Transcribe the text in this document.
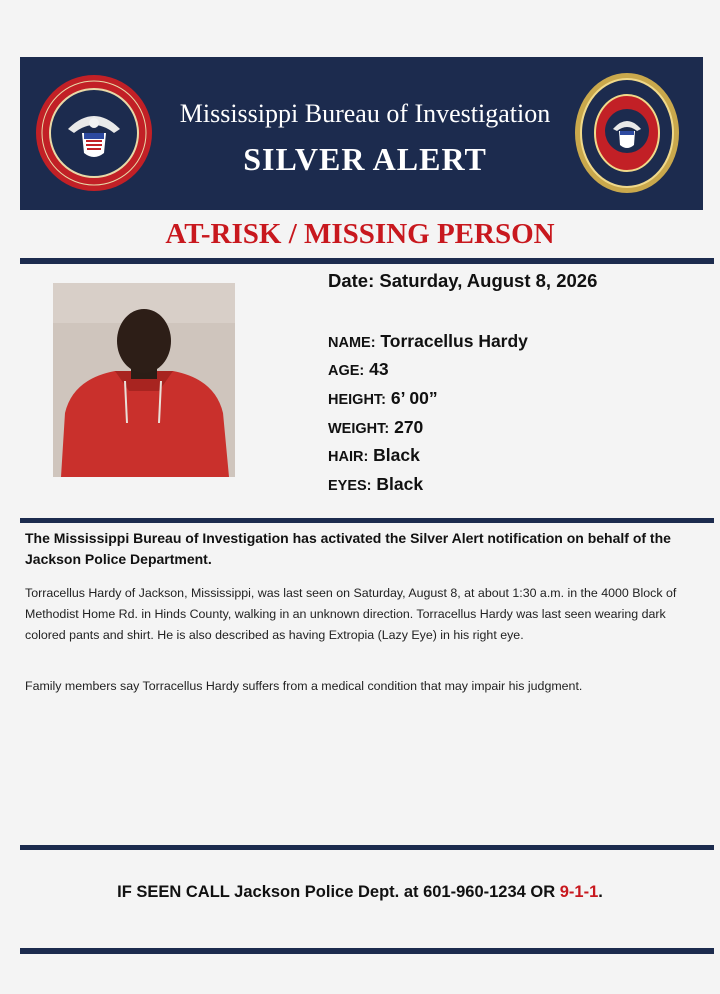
Mississippi Bureau of Investigation
SILVER ALERT
AT-RISK / MISSING PERSON
Date: Saturday, August 8, 2026
NAME: Torracellus Hardy
AGE: 43
HEIGHT: 6’ 00”
WEIGHT: 270
HAIR: Black
EYES: Black
The Mississippi Bureau of Investigation has activated the Silver Alert notification on behalf of the Jackson Police Department.
Torracellus Hardy of Jackson, Mississippi, was last seen on Saturday, August 8, at about 1:30 a.m. in the 4000 Block of Methodist Home Rd. in Hinds County, walking in an unknown direction. Torracellus Hardy was last seen wearing dark colored pants and shirt. He is also described as having Extropia (Lazy Eye) in his right eye.
Family members say Torracellus Hardy suffers from a medical condition that may impair his judgment.
IF SEEN CALL Jackson Police Dept. at 601-960-1234 OR 9-1-1.
